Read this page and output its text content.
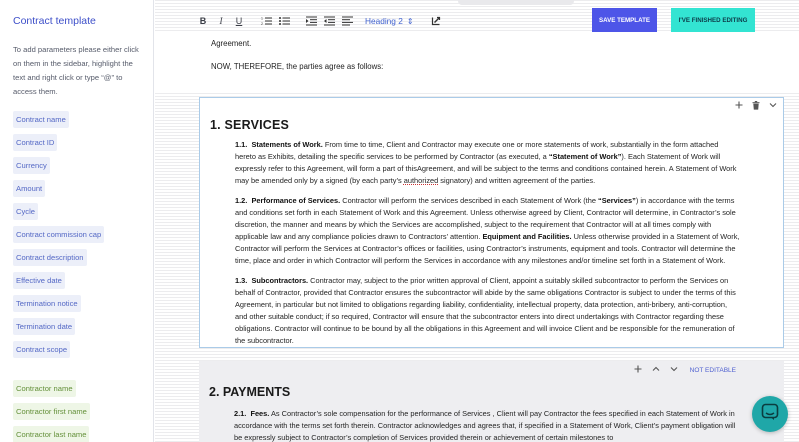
Contract template
To add parameters please either click on them in the sidebar, highlight the text and right click or type “@” to access them.
Contract name
Contract ID
Currency
Amount
Cycle
Contract commission cap
Contract description
Effective date
Termination notice
Termination date
Contract scope
Contractor name
Contractor first name
Contractor last name
B	I	U	1
2	Heading 2 ⇕	SAVE TEMPLATE	I'VE FINISHED EDITING

Agreement.

NOW, THEREFORE, the parties agree as follows:

1. SERVICES

1.1. Statements of Work. From time to time, Client and Contractor may execute one or more statements of work, substantially in the form attached hereto as Exhibits, detailing the specific services to be performed by Contractor (as executed, a “Statement of Work”). Each Statement of Work will expressly refer to this Agreement, will form a part of thisAgreement, and will be subject to the terms and conditions contained herein. A Statement of Work may be amended only by a signed (by each party’s authorized signatory) and written agreement of the parties.

1.2. Performance of Services. Contractor will perform the services described in each Statement of Work (the “Services”) in accordance with the terms and conditions set forth in each Statement of Work and this Agreement. Unless otherwise agreed by Client, Contractor will determine, in Contractor’s sole discretion, the manner and means by which the Services are accomplished, subject to the requirement that Contractor will at all times comply with applicable law and any compliance policies drawn to Contractors’ attention. Equipment and Facilities. Unless otherwise provided in a Statement of Work, Contractor will perform the Services at Contractor’s offices or facilities, using Contractor’s instruments, equipment and tools. Contractor will determine the time, place and order in which Contractor will perform the Services in accordance with any milestones and/or timeline set forth in a Statement of Work.

1.3. Subcontractors. Contractor may, subject to the prior written approval of Client, appoint a suitably skilled subcontractor to perform the Services on behalf of Contractor, provided that Contractor ensures the subcontractor will abide by the same obligations Contractor is subject to under the terms of this Agreement, in particular but not limited to obligations regarding liability, confidentiality, intellectual property, data protection, anti-bribery, anti-corruption, and other suitable conduct; if so required, Contractor will ensure that the subcontractor enters into direct undertakings with Contractor regarding these obligations. Contractor will continue to be bound by all the obligations in this Agreement and will invoice Client and be responsible for the remuneration of the subcontractor.

NOT EDITABLE
2. PAYMENTS

2.1. Fees. As Contractor’s sole compensation for the performance of Services , Client will pay Contractor the fees specified in each Statement of Work in accordance with the terms set forth therein. Contractor acknowledges and agrees that, if specified in a Statement of Work, Client’s payment obligation will be expressly subject to Contractor’s completion of Services provided therein or achievement of certain milestones to
